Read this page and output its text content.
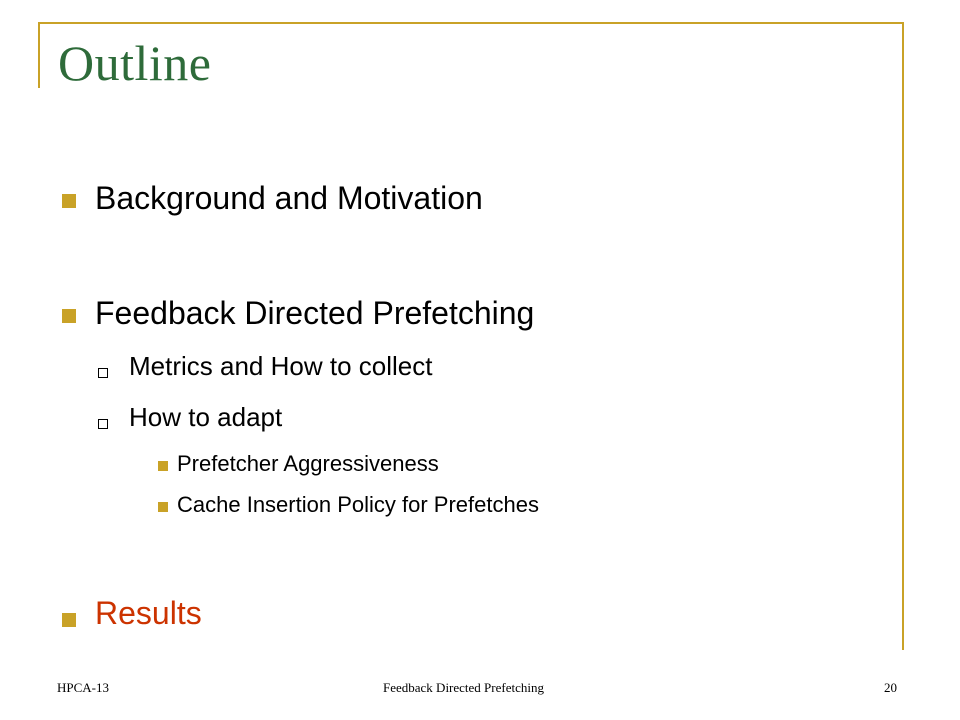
Outline
Background and Motivation
Feedback Directed Prefetching
Metrics and How to collect
How to adapt
Prefetcher Aggressiveness
Cache Insertion Policy for Prefetches
Results
HPCA-13	Feedback Directed Prefetching	20
